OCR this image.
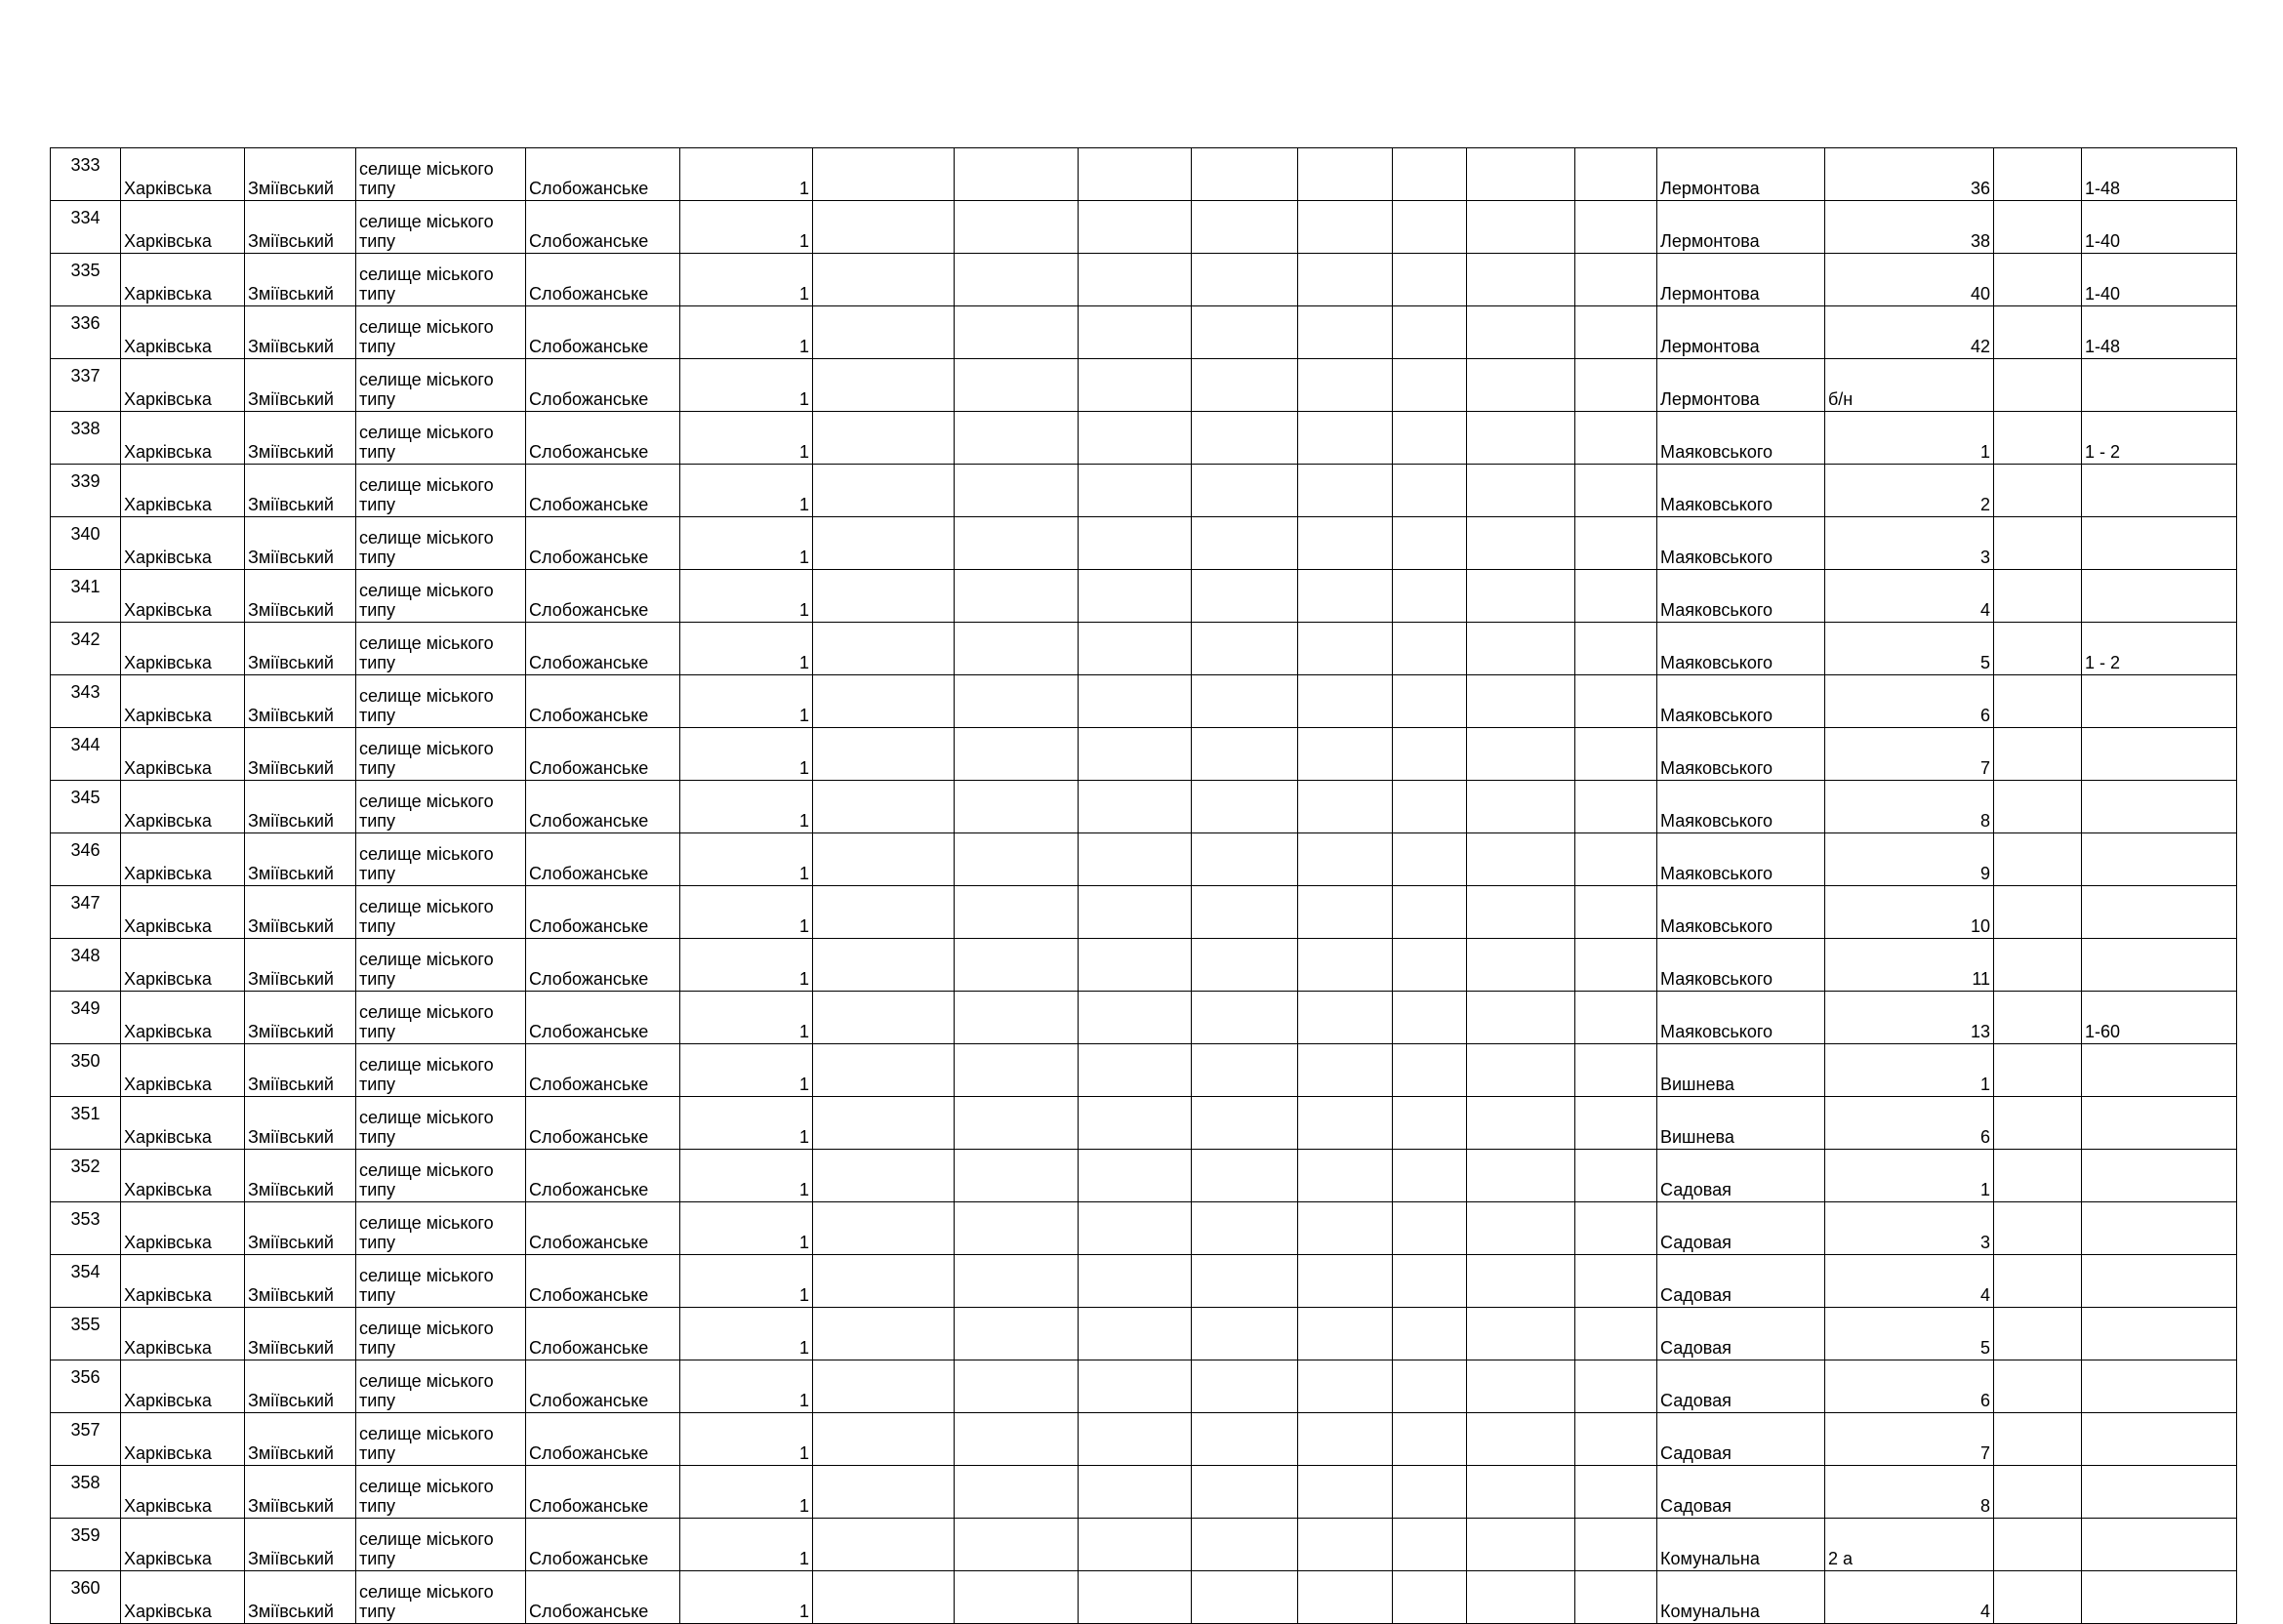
333	Харківська	Зміївський	селище міського
типу	Слобожанське	1									Лермонтова	36		1-48
334	Харківська	Зміївський	селище міського
типу	Слобожанське	1									Лермонтова	38		1-40
335	Харківська	Зміївський	селище міського
типу	Слобожанське	1									Лермонтова	40		1-40
336	Харківська	Зміївський	селище міського
типу	Слобожанське	1									Лермонтова	42		1-48
337	Харківська	Зміївський	селище міського
типу	Слобожанське	1									Лермонтова	б/н		
338	Харківська	Зміївський	селище міського
типу	Слобожанське	1									Маяковського	1		1 - 2
339	Харківська	Зміївський	селище міського
типу	Слобожанське	1									Маяковського	2		
340	Харківська	Зміївський	селище міського
типу	Слобожанське	1									Маяковського	3		
341	Харківська	Зміївський	селище міського
типу	Слобожанське	1									Маяковського	4		
342	Харківська	Зміївський	селище міського
типу	Слобожанське	1									Маяковського	5		1 - 2
343	Харківська	Зміївський	селище міського
типу	Слобожанське	1									Маяковського	6		
344	Харківська	Зміївський	селище міського
типу	Слобожанське	1									Маяковського	7		
345	Харківська	Зміївський	селище міського
типу	Слобожанське	1									Маяковського	8		
346	Харківська	Зміївський	селище міського
типу	Слобожанське	1									Маяковського	9		
347	Харківська	Зміївський	селище міського
типу	Слобожанське	1									Маяковського	10		
348	Харківська	Зміївський	селище міського
типу	Слобожанське	1									Маяковського	11		
349	Харківська	Зміївський	селище міського
типу	Слобожанське	1									Маяковського	13		1-60
350	Харківська	Зміївський	селище міського
типу	Слобожанське	1									Вишнева	1		
351	Харківська	Зміївський	селище міського
типу	Слобожанське	1									Вишнева	6		
352	Харківська	Зміївський	селище міського
типу	Слобожанське	1									Садовая	1		
353	Харківська	Зміївський	селище міського
типу	Слобожанське	1									Садовая	3		
354	Харківська	Зміївський	селище міського
типу	Слобожанське	1									Садовая	4		
355	Харківська	Зміївський	селище міського
типу	Слобожанське	1									Садовая	5		
356	Харківська	Зміївський	селище міського
типу	Слобожанське	1									Садовая	6		
357	Харківська	Зміївський	селище міського
типу	Слобожанське	1									Садовая	7		
358	Харківська	Зміївський	селище міського
типу	Слобожанське	1									Садовая	8		
359	Харківська	Зміївський	селище міського
типу	Слобожанське	1									Комунальна	2 а		
360	Харківська	Зміївський	селище міського
типу	Слобожанське	1									Комунальна	4		
